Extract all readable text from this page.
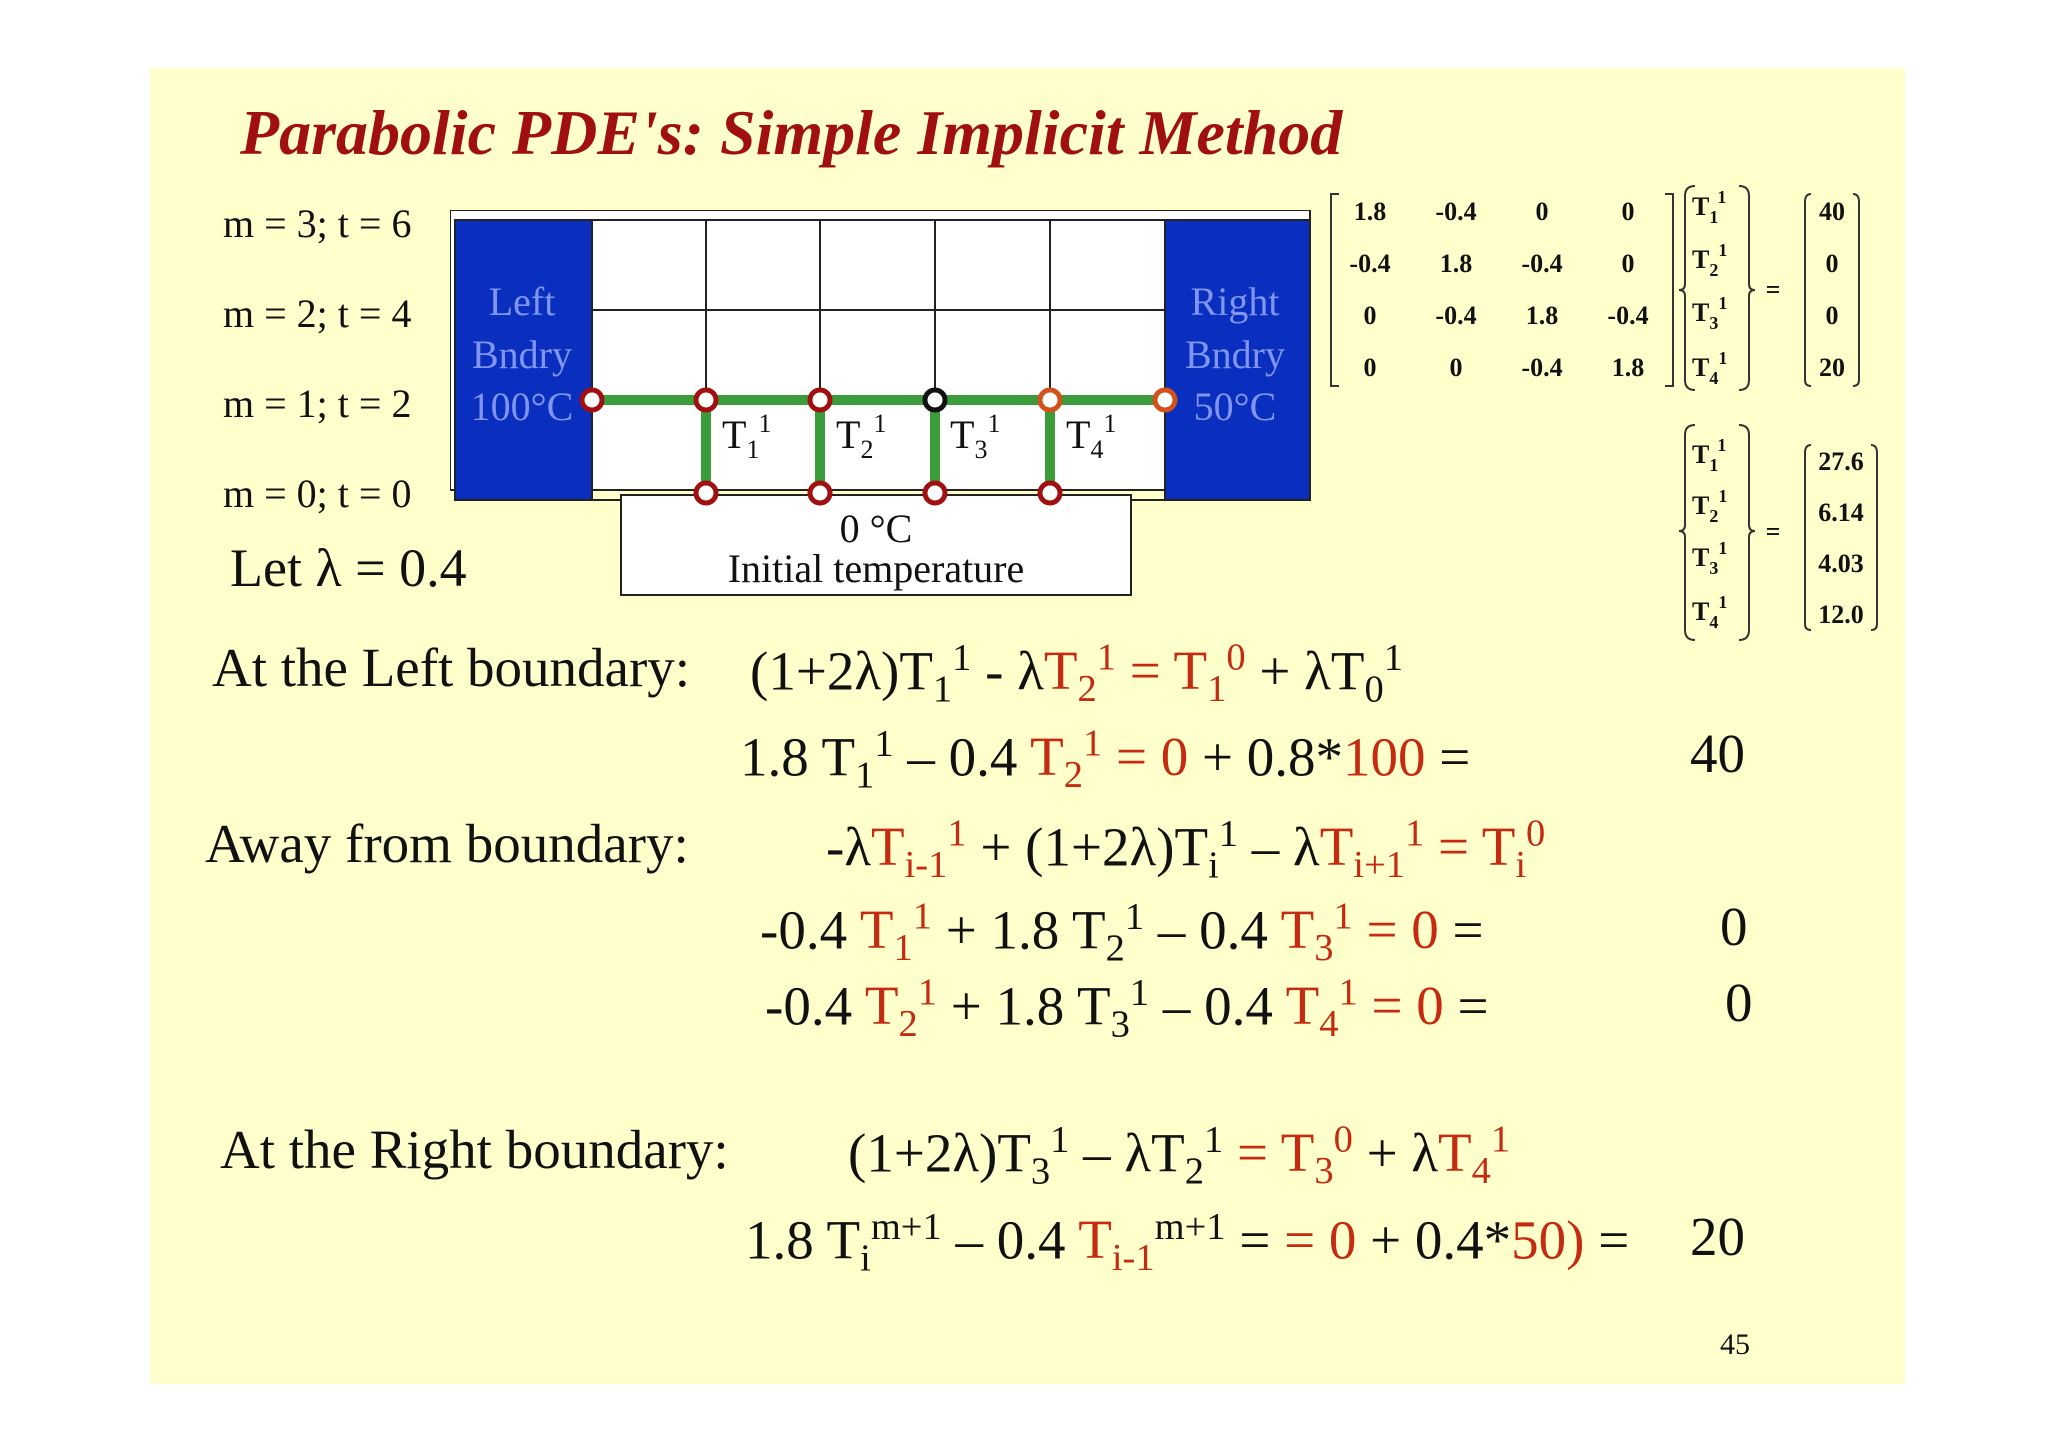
Parabolic PDE's: Simple Implicit Method
m = 3; t = 6
m = 2; t = 4
m = 1; t = 2
m = 0; t = 0
Left
Bndry
100°C
Right
Bndry
50°C
$T_1^1$ $T_2^1$ $T_3^1$ $T_4^1$
0 °C
Initial temperature
Let λ = 0.4
1.8 -0.4 0	0
-0.4 1.8 -0.4 0
0 -0.4 1.8 -0.4
0	0 -0.4 1.8
$T_1^1$
$T_2^1$
$T_3^1$
$T_4^1$
40
0
0
20
=
$T_1^1$
$T_2^1$
$T_3^1$
$T_4^1$
27.6
6.14
4.03
12.0
=
At the Left boundary: $(1+2\lambda)T_1^1 - \lambda T_2^1 = T_1^0 + \lambda T_0^1$
1.8 $T_1^1 - 0.4$ $T_2^1 = 0 + 0.8*100$ =	40
Away from boundary: $-\lambda T_{i-1}^1 + (1+2\lambda)T_i^1 - \lambda T_{i+1}^1 = T_i^0$
-0.4 $T_1^1 + 1.8$ $T_2^1 - 0.4$ $T_3^1 = 0$ =	0
-0.4 $T_2^1 + 1.8$ $T_3^1 - 0.4$ $T_4^1 = 0$ =	0
At the Right boundary: $(1+2\lambda)T_3^1 - \lambda T_2^1 = T_3^0 + \lambda T_4^1$
1.8 $T_i^{m+1} - 0.4$ $T_{i-1}^{m+1}$ = = 0 + 0.4*50) = 20
45
